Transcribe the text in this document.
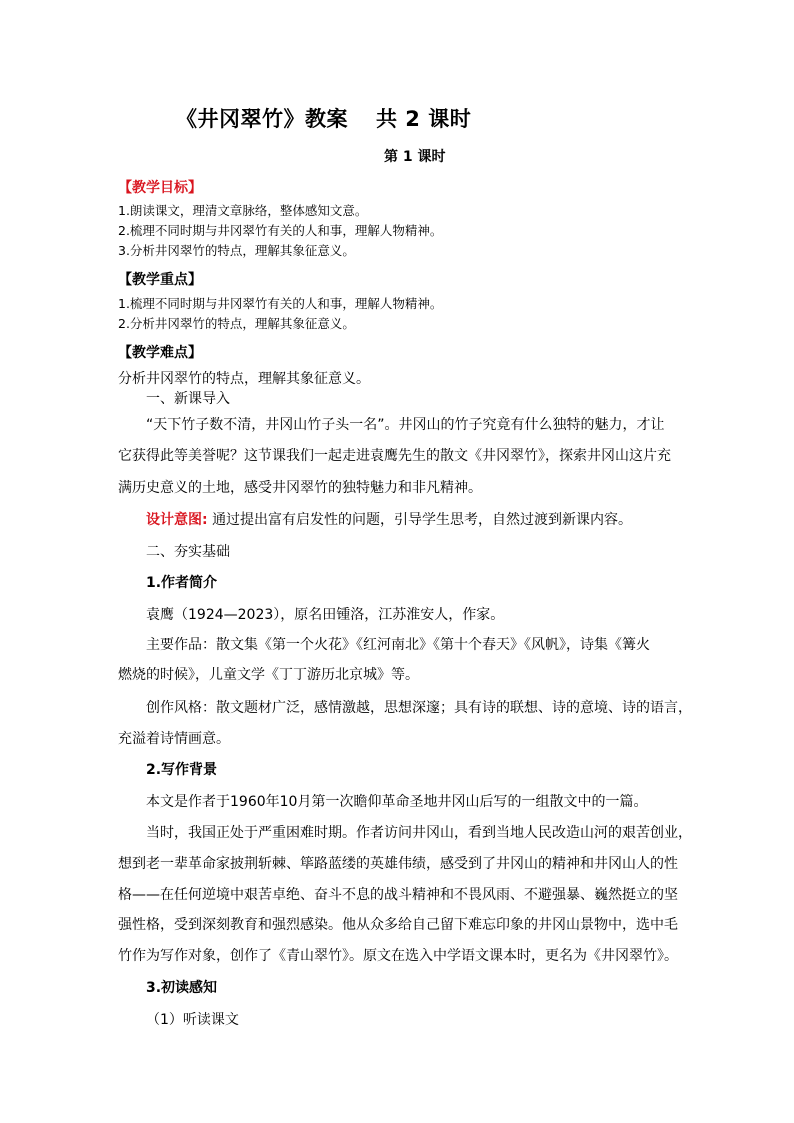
《井冈翠竹》教案 共 2 课时
第 1 课时
【教学目标】
1.朗读课文，理清文章脉络，整体感知文意。
2.梳理不同时期与井冈翠竹有关的人和事，理解人物精神。
3.分析井冈翠竹的特点，理解其象征意义。
【教学重点】
1.梳理不同时期与井冈翠竹有关的人和事，理解人物精神。
2.分析井冈翠竹的特点，理解其象征意义。
【教学难点】
分析井冈翠竹的特点，理解其象征意义。
一、新课导入
“天下竹子数不清，井冈山竹子头一名”。井冈山的竹子究竟有什么独特的魅力，才让
它获得此等美誉呢？这节课我们一起走进袁鹰先生的散文《井冈翠竹》，探索井冈山这片充
满历史意义的土地，感受井冈翠竹的独特魅力和非凡精神。
设计意图: 通过提出富有启发性的问题，引导学生思考，自然过渡到新课内容。
二、夯实基础
1.作者简介
袁鹰（1924—2023），原名田锺洛，江苏淮安人，作家。
主要作品：散文集《第一个火花》《红河南北》《第十个春天》《风帆》，诗集《篝火
燃烧的时候》，儿童文学《丁丁游历北京城》等。
创作风格：散文题材广泛，感情激越，思想深邃；具有诗的联想、诗的意境、诗的语言，
充溢着诗情画意。
2.写作背景
本文是作者于1960年10月第一次瞻仰革命圣地井冈山后写的一组散文中的一篇。
当时，我国正处于严重困难时期。作者访问井冈山，看到当地人民改造山河的艰苦创业，
想到老一辈革命家披荆斩棘、筚路蓝缕的英雄伟绩，感受到了井冈山的精神和井冈山人的性
格——在任何逆境中艰苦卓绝、奋斗不息的战斗精神和不畏风雨、不避强暴、巍然挺立的坚
强性格，受到深刻教育和强烈感染。他从众多给自己留下难忘印象的井冈山景物中，选中毛
竹作为写作对象，创作了《青山翠竹》。原文在选入中学语文课本时，更名为《井冈翠竹》。
3.初读感知
（1）听读课文
